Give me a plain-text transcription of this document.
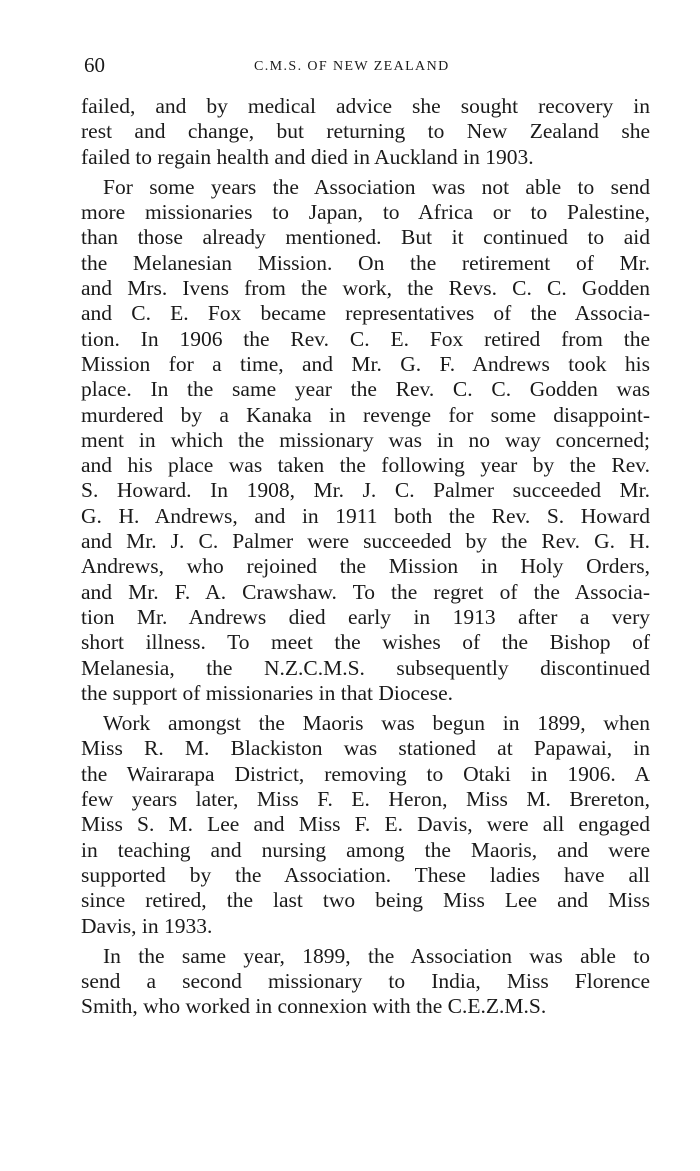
60	C.M.S. OF NEW ZEALAND
failed, and by medical advice she sought recovery in
rest and change, but returning to New Zealand she
failed to regain health and died in Auckland in 1903.
For some years the Association was not able to send
more missionaries to Japan, to Africa or to Palestine,
than those already mentioned. But it continued to aid
the Melanesian Mission. On the retirement of Mr.
and Mrs. Ivens from the work, the Revs. C. C. Godden
and C. E. Fox became representatives of the Associa-
tion. In 1906 the Rev. C. E. Fox retired from the
Mission for a time, and Mr. G. F. Andrews took his
place. In the same year the Rev. C. C. Godden was
murdered by a Kanaka in revenge for some disappoint-
ment in which the missionary was in no way concerned;
and his place was taken the following year by the Rev.
S. Howard. In 1908, Mr. J. C. Palmer succeeded Mr.
G. H. Andrews, and in 1911 both the Rev. S. Howard
and Mr. J. C. Palmer were succeeded by the Rev. G. H.
Andrews, who rejoined the Mission in Holy Orders,
and Mr. F. A. Crawshaw. To the regret of the Associa-
tion Mr. Andrews died early in 1913 after a very
short illness. To meet the wishes of the Bishop of
Melanesia, the N.Z.C.M.S. subsequently discontinued
the support of missionaries in that Diocese.
Work amongst the Maoris was begun in 1899, when
Miss R. M. Blackiston was stationed at Papawai, in
the Wairarapa District, removing to Otaki in 1906. A
few years later, Miss F. E. Heron, Miss M. Brereton,
Miss S. M. Lee and Miss F. E. Davis, were all engaged
in teaching and nursing among the Maoris, and were
supported by the Association. These ladies have all
since retired, the last two being Miss Lee and Miss
Davis, in 1933.
In the same year, 1899, the Association was able to
send a second missionary to India, Miss Florence
Smith, who worked in connexion with the C.E.Z.M.S.
